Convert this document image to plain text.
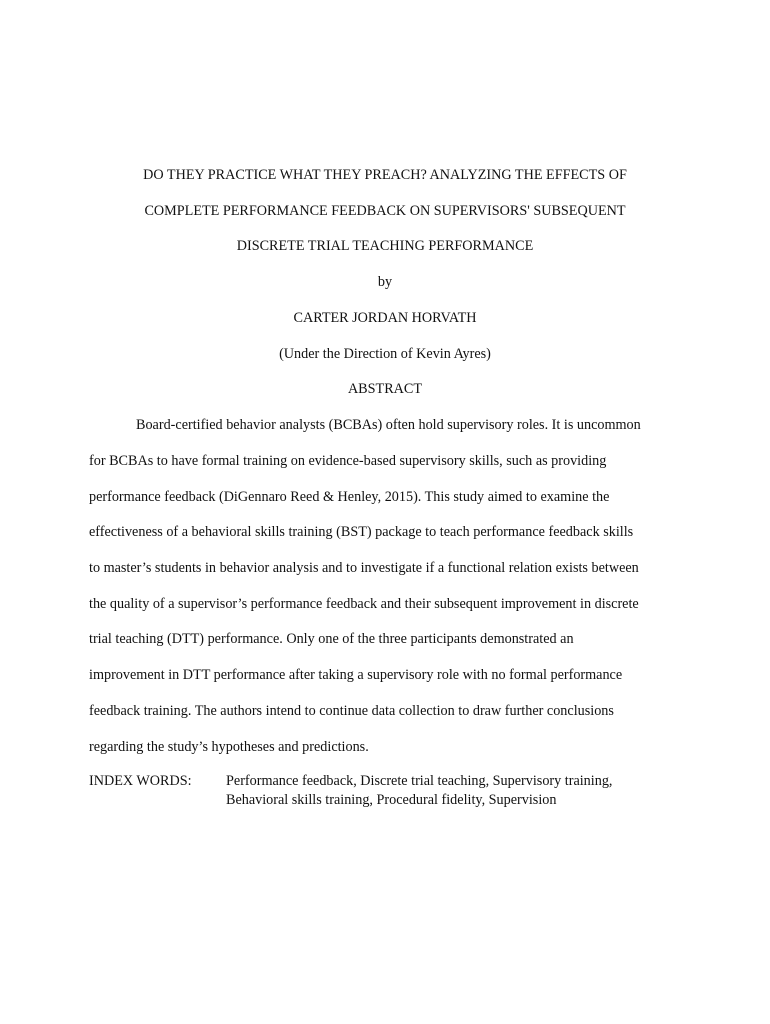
DO THEY PRACTICE WHAT THEY PREACH? ANALYZING THE EFFECTS OF
COMPLETE PERFORMANCE FEEDBACK ON SUPERVISORS' SUBSEQUENT
DISCRETE TRIAL TEACHING PERFORMANCE
by
CARTER JORDAN HORVATH
(Under the Direction of Kevin Ayres)
ABSTRACT
Board-certified behavior analysts (BCBAs) often hold supervisory roles. It is uncommon
for BCBAs to have formal training on evidence-based supervisory skills, such as providing
performance feedback (DiGennaro Reed & Henley, 2015). This study aimed to examine the
effectiveness of a behavioral skills training (BST) package to teach performance feedback skills
to master’s students in behavior analysis and to investigate if a functional relation exists between
the quality of a supervisor’s performance feedback and their subsequent improvement in discrete
trial teaching (DTT) performance. Only one of the three participants demonstrated an
improvement in DTT performance after taking a supervisory role with no formal performance
feedback training. The authors intend to continue data collection to draw further conclusions
regarding the study’s hypotheses and predictions.
INDEX WORDS: Performance feedback, Discrete trial teaching, Supervisory training,
Behavioral skills training, Procedural fidelity, Supervision
